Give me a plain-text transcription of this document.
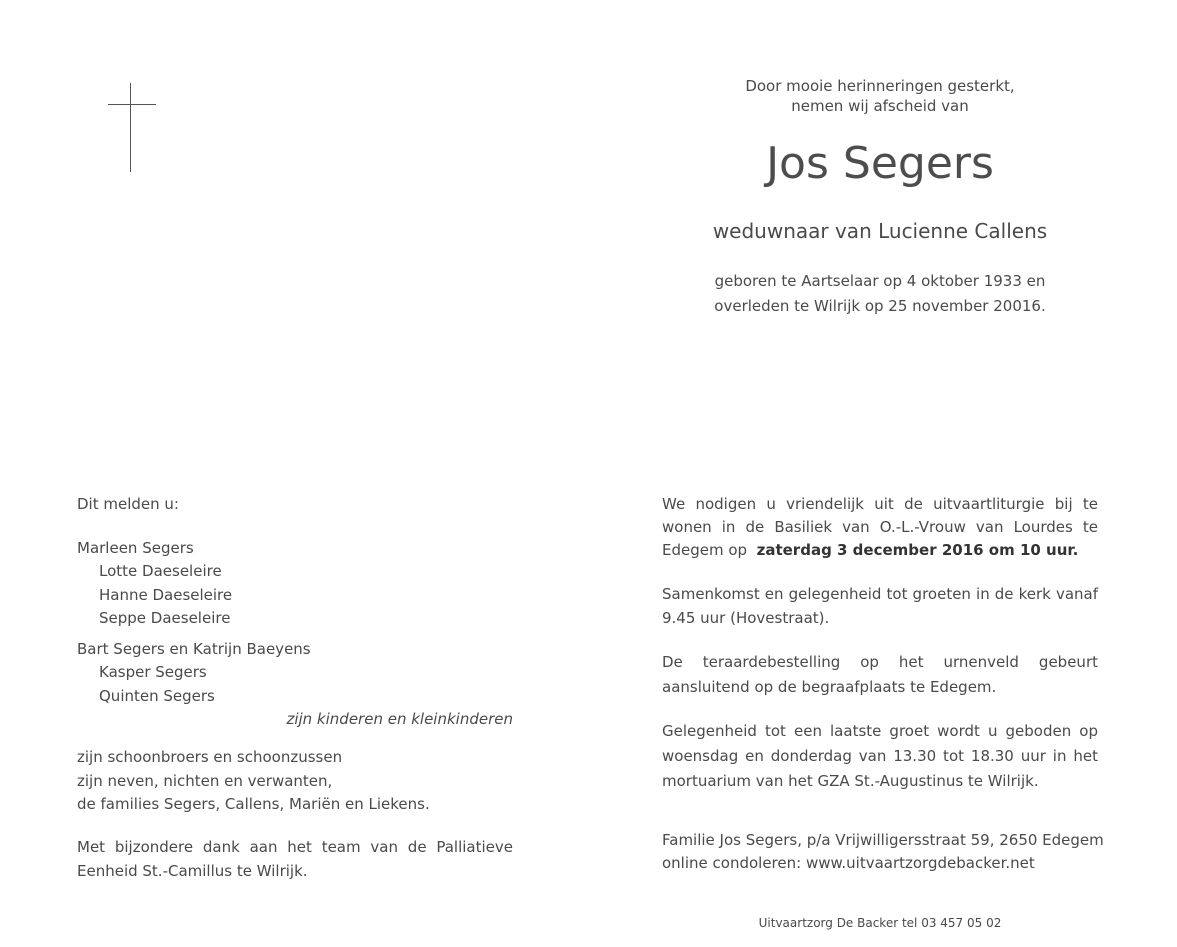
Door mooie herinneringen gesterkt,
nemen wij afscheid van
Jos Segers
weduwnaar van Lucienne Callens
geboren te Aartselaar op 4 oktober 1933 en
overleden te Wilrijk op 25 november 20016.
Dit melden u:
Marleen Segers
Lotte Daeseleire
Hanne Daeseleire
Seppe Daeseleire
Bart Segers en Katrijn Baeyens
Kasper Segers
Quinten Segers
zijn kinderen en kleinkinderen
zijn schoonbroers en schoonzussen
zijn neven, nichten en verwanten,
de families Segers, Callens, Mariën en Liekens.
Met bijzondere dank aan het team van de Palliatieve Eenheid St.-Camillus te Wilrijk.
We nodigen u vriendelijk uit de uitvaartliturgie bij te wonen in de Basiliek van O.-L.-Vrouw van Lourdes te Edegem op zaterdag 3 december 2016 om 10 uur.
Samenkomst en gelegenheid tot groeten in de kerk vanaf 9.45 uur (Hovestraat).
De teraardebestelling op het urnenveld gebeurt aansluitend op de begraafplaats te Edegem.
Gelegenheid tot een laatste groet wordt u geboden op woensdag en donderdag van 13.30 tot 18.30 uur in het mortuarium van het GZA St.-Augustinus te Wilrijk.
Familie Jos Segers, p/a Vrijwilligersstraat 59, 2650 Edegem
online condoleren: www.uitvaartzorgdebacker.net
Uitvaartzorg De Backer tel 03 457 05 02
